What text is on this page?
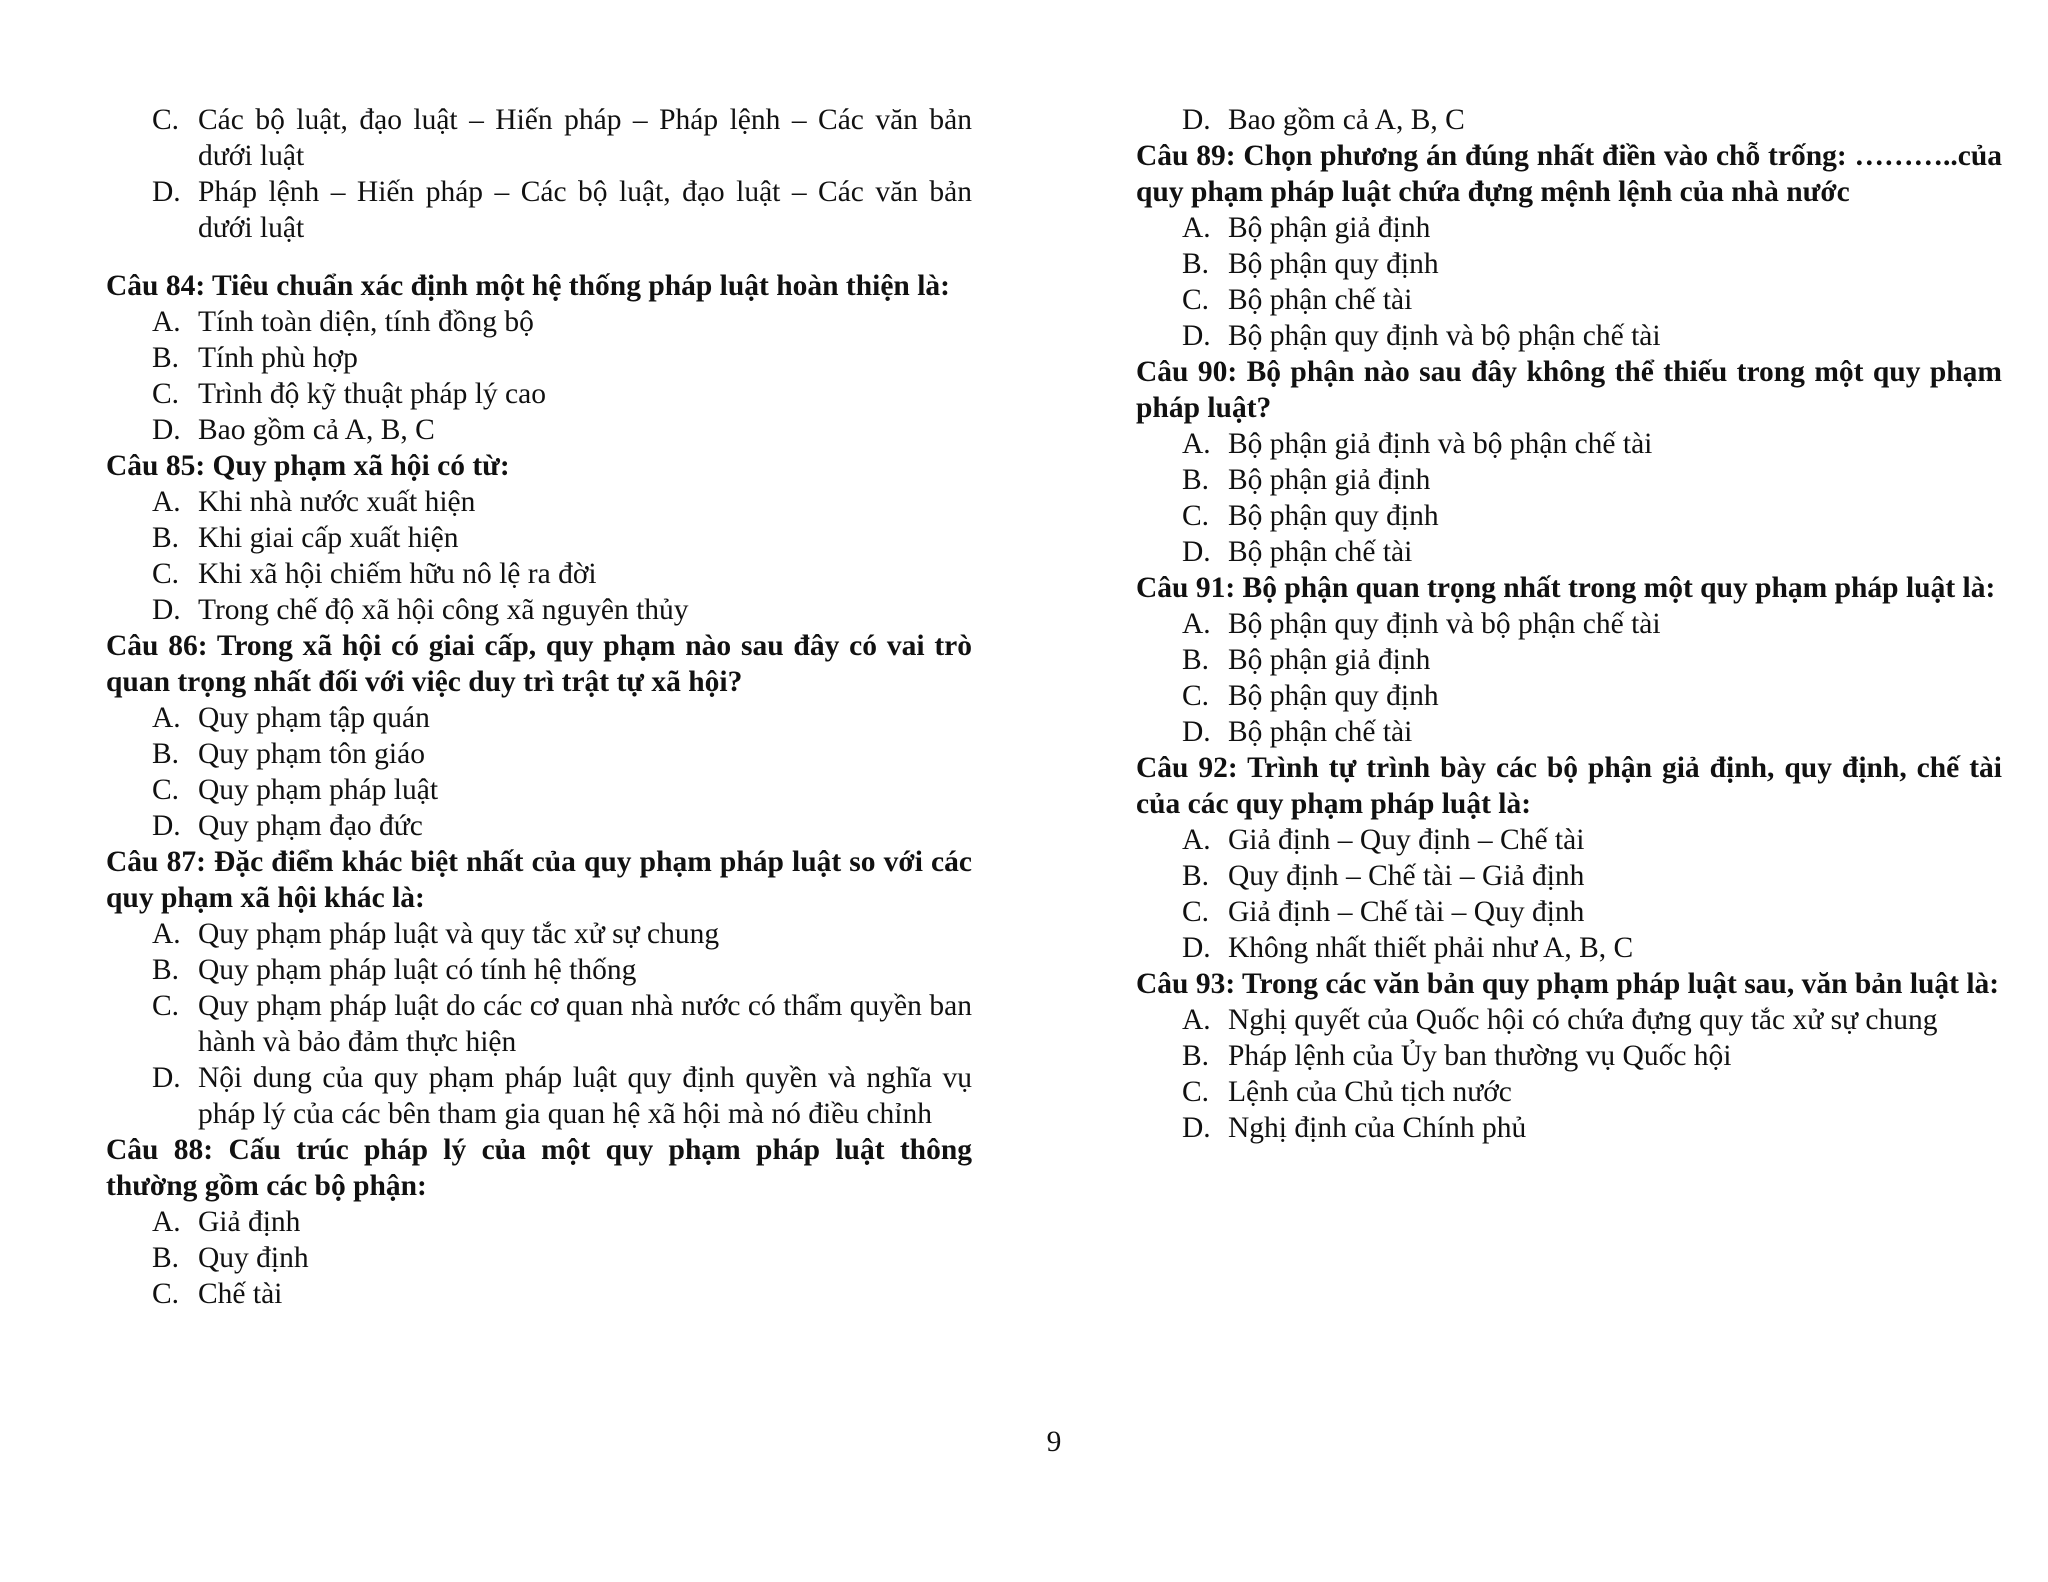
C. Các bộ luật, đạo luật – Hiến pháp – Pháp lệnh – Các văn bản dưới luật
D. Pháp lệnh – Hiến pháp – Các bộ luật, đạo luật – Các văn bản dưới luật
Câu 84: Tiêu chuẩn xác định một hệ thống pháp luật hoàn thiện là:
A. Tính toàn diện, tính đồng bộ
B. Tính phù hợp
C. Trình độ kỹ thuật pháp lý cao
D. Bao gồm cả A, B, C
Câu 85: Quy phạm xã hội có từ:
A. Khi nhà nước xuất hiện
B. Khi giai cấp xuất hiện
C. Khi xã hội chiếm hữu nô lệ ra đời
D. Trong chế độ xã hội công xã nguyên thủy
Câu 86: Trong xã hội có giai cấp, quy phạm nào sau đây có vai trò quan trọng nhất đối với việc duy trì trật tự xã hội?
A. Quy phạm tập quán
B. Quy phạm tôn giáo
C. Quy phạm pháp luật
D. Quy phạm đạo đức
Câu 87: Đặc điểm khác biệt nhất của quy phạm pháp luật so với các quy phạm xã hội khác là:
A. Quy phạm pháp luật và quy tắc xử sự chung
B. Quy phạm pháp luật có tính hệ thống
C. Quy phạm pháp luật do các cơ quan nhà nước có thẩm quyền ban hành và bảo đảm thực hiện
D. Nội dung của quy phạm pháp luật quy định quyền và nghĩa vụ pháp lý của các bên tham gia quan hệ xã hội mà nó điều chỉnh
Câu 88: Cấu trúc pháp lý của một quy phạm pháp luật thông thường gồm các bộ phận:
A. Giả định
B. Quy định
C. Chế tài
D. Bao gồm cả A, B, C
Câu 89: Chọn phương án đúng nhất điền vào chỗ trống: ………..của quy phạm pháp luật chứa đựng mệnh lệnh của nhà nước
A. Bộ phận giả định
B. Bộ phận quy định
C. Bộ phận chế tài
D. Bộ phận quy định và bộ phận chế tài
Câu 90: Bộ phận nào sau đây không thể thiếu trong một quy phạm pháp luật?
A. Bộ phận giả định và bộ phận chế tài
B. Bộ phận giả định
C. Bộ phận quy định
D. Bộ phận chế tài
Câu 91: Bộ phận quan trọng nhất trong một quy phạm pháp luật là:
A. Bộ phận quy định và bộ phận chế tài
B. Bộ phận giả định
C. Bộ phận quy định
D. Bộ phận chế tài
Câu 92: Trình tự trình bày các bộ phận giả định, quy định, chế tài của các quy phạm pháp luật là:
A. Giả định – Quy định – Chế tài
B. Quy định – Chế tài – Giả định
C. Giả định – Chế tài – Quy định
D. Không nhất thiết phải như A, B, C
Câu 93: Trong các văn bản quy phạm pháp luật sau, văn bản luật là:
A. Nghị quyết của Quốc hội có chứa đựng quy tắc xử sự chung
B. Pháp lệnh của Ủy ban thường vụ Quốc hội
C. Lệnh của Chủ tịch nước
D. Nghị định của Chính phủ
9
